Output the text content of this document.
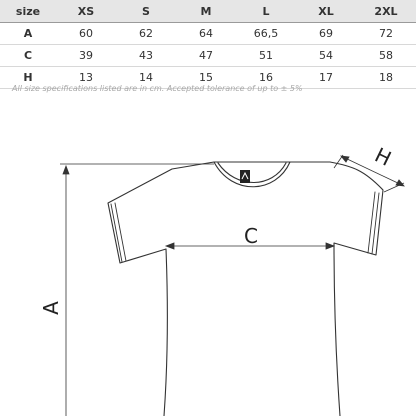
size	XS	S	M	L	XL	2XL
A	60	62	64	66,5	69	72
C	39	43	47	51	54	58
H	13	14	15	16	17	18
All size specifications listed are in cm. Accepted tolerance of up to ± 5%
A
C
H
